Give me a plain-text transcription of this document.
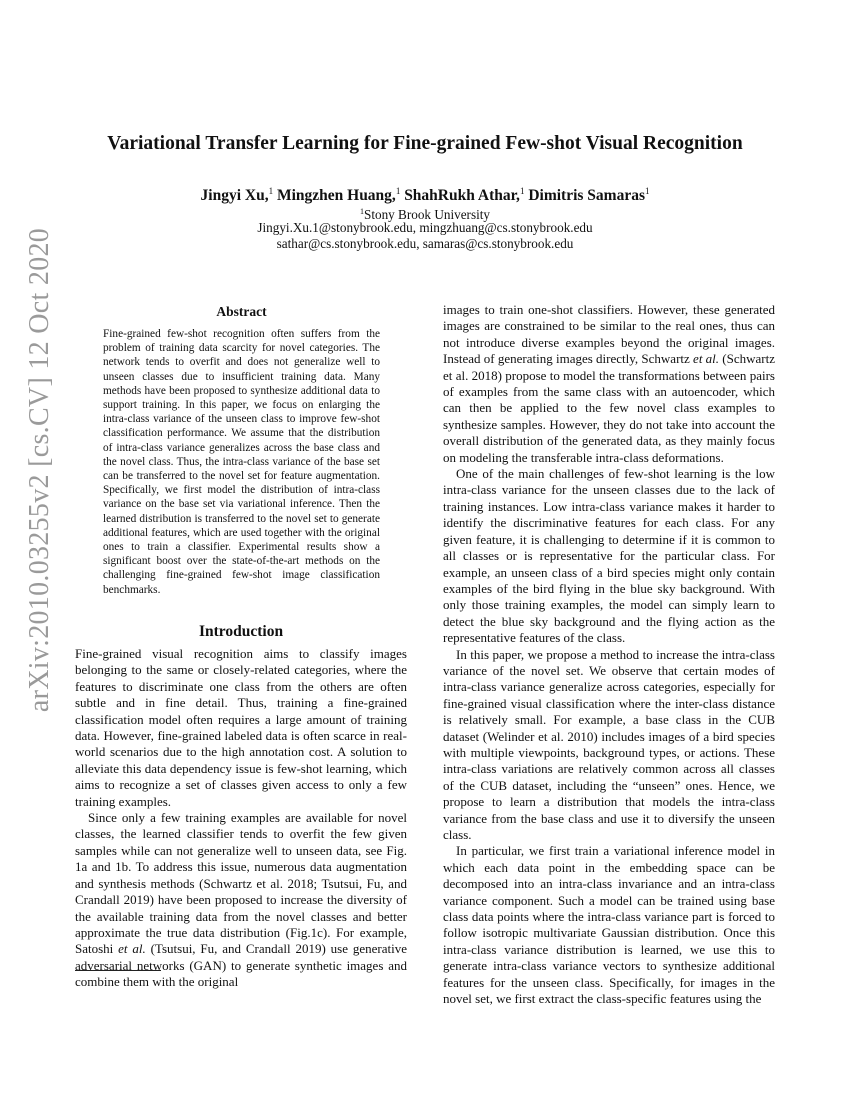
arXiv:2010.03255v2 [cs.CV] 12 Oct 2020
Variational Transfer Learning for Fine-grained Few-shot Visual Recognition
Jingyi Xu,$^1$ Mingzhen Huang,$^1$ ShahRukh Athar,$^1$ Dimitris Samaras$^1$
$^1$Stony Brook University
Jingyi.Xu.1@stonybrook.edu, mingzhuang@cs.stonybrook.edu
sathar@cs.stonybrook.edu, samaras@cs.stonybrook.edu
Abstract

Fine-grained few-shot recognition often suffers from the problem of training data scarcity for novel categories. The network tends to overfit and does not generalize well to unseen classes due to insufficient training data. Many methods have been proposed to synthesize additional data to support training. In this paper, we focus on enlarging the intra-class variance of the unseen class to improve few-shot classification performance. We assume that the distribution of intra-class variance generalizes across the base class and the novel class. Thus, the intra-class variance of the base set can be transferred to the novel set for feature augmentation. Specifically, we first model the distribution of intra-class variance on the base set via variational inference. Then the learned distribution is transferred to the novel set to generate additional features, which are used together with the original ones to train a classifier. Experimental results show a significant boost over the state-of-the-art methods on the challenging fine-grained few-shot image classification benchmarks.

Introduction

Fine-grained visual recognition aims to classify images belonging to the same or closely-related categories, where the features to discriminate one class from the others are often subtle and in fine detail. Thus, training a fine-grained classification model often requires a large amount of training data. However, fine-grained labeled data is often scarce in real-world scenarios due to the high annotation cost. A solution to alleviate this data dependency issue is few-shot learning, which aims to recognize a set of classes given access to only a few training examples.

Since only a few training examples are available for novel classes, the learned classifier tends to overfit the few given samples while can not generalize well to unseen data, see Fig. 1a and 1b. To address this issue, numerous data augmentation and synthesis methods (Schwartz et al. 2018; Tsutsui, Fu, and Crandall 2019) have been proposed to increase the diversity of the available training data from the novel classes and better approximate the true data distribution (Fig.1c). For example, Satoshi et al. (Tsutsui, Fu, and Crandall 2019) use generative adversarial networks (GAN) to generate synthetic images and combine them with the original

images to train one-shot classifiers. However, these generated images are constrained to be similar to the real ones, thus can not introduce diverse examples beyond the original images. Instead of generating images directly, Schwartz et al. (Schwartz et al. 2018) propose to model the transformations between pairs of examples from the same class with an autoencoder, which can then be applied to the few novel class examples to synthesize samples. However, they do not take into account the overall distribution of the generated data, as they mainly focus on modeling the transferable intra-class deformations.

One of the main challenges of few-shot learning is the low intra-class variance for the unseen classes due to the lack of training instances. Low intra-class variance makes it harder to identify the discriminative features for each class. For any given feature, it is challenging to determine if it is common to all classes or is representative for the particular class. For example, an unseen class of a bird species might only contain examples of the bird flying in the blue sky background. With only those training examples, the model can simply learn to detect the blue sky background and the flying action as the representative features of the class.

In this paper, we propose a method to increase the intra-class variance of the novel set. We observe that certain modes of intra-class variance generalize across categories, especially for fine-grained visual classification where the inter-class distance is relatively small. For example, a base class in the CUB dataset (Welinder et al. 2010) includes images of a bird species with multiple viewpoints, background types, or actions. These intra-class variations are relatively common across all classes of the CUB dataset, including the “unseen” ones. Hence, we propose to learn a distribution that models the intra-class variance from the base class and use it to diversify the unseen class.

In particular, we first train a variational inference model in which each data point in the embedding space can be decomposed into an intra-class invariance and an intra-class variance component. Such a model can be trained using base class data points where the intra-class variance part is forced to follow isotropic multivariate Gaussian distribution. Once this intra-class variance distribution is learned, we use this to generate intra-class variance vectors to synthesize additional features for the unseen class. Specifically, for images in the novel set, we first extract the class-specific features using the
